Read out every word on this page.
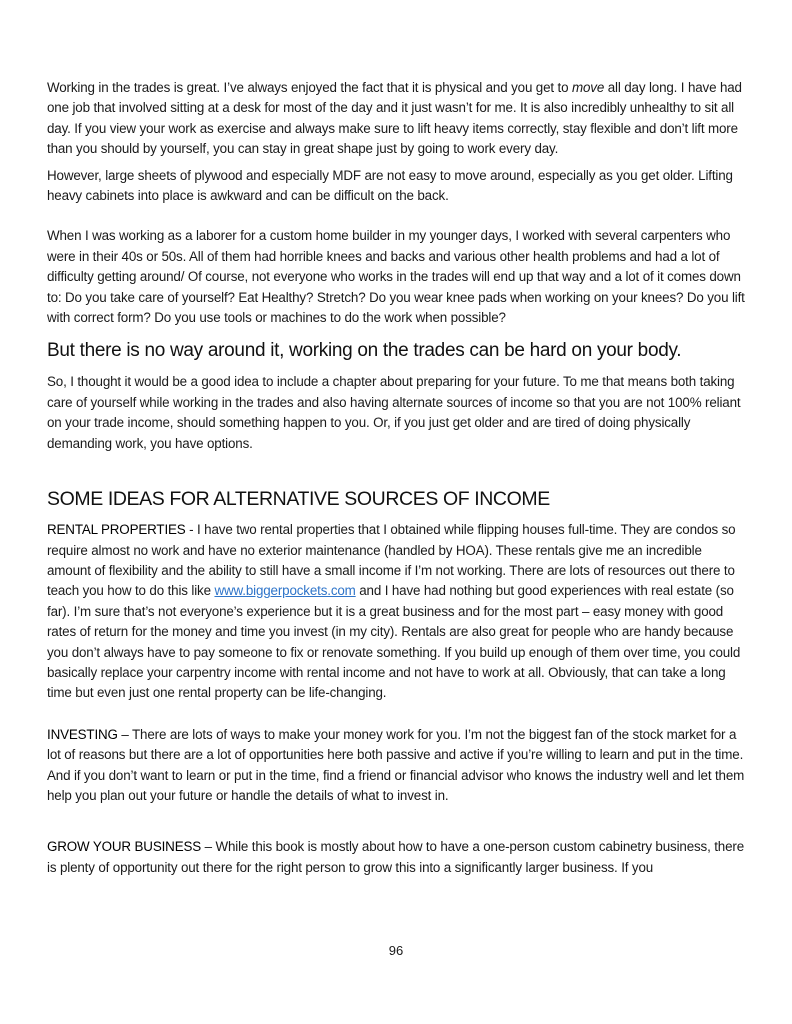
Working in the trades is great. I’ve always enjoyed the fact that it is physical and you get to move all day long. I have had one job that involved sitting at a desk for most of the day and it just wasn’t for me. It is also incredibly unhealthy to sit all day. If you view your work as exercise and always make sure to lift heavy items correctly, stay flexible and don’t lift more than you should by yourself, you can stay in great shape just by going to work every day.

However, large sheets of plywood and especially MDF are not easy to move around, especially as you get older. Lifting heavy cabinets into place is awkward and can be difficult on the back.

When I was working as a laborer for a custom home builder in my younger days, I worked with several carpenters who were in their 40s or 50s. All of them had horrible knees and backs and various other health problems and had a lot of difficulty getting around/ Of course, not everyone who works in the trades will end up that way and a lot of it comes down to: Do you take care of yourself? Eat Healthy? Stretch? Do you wear knee pads when working on your knees? Do you lift with correct form? Do you use tools or machines to do the work when possible?

But there is no way around it, working on the trades can be hard on your body.

So, I thought it would be a good idea to include a chapter about preparing for your future. To me that means both taking care of yourself while working in the trades and also having alternate sources of income so that you are not 100% reliant on your trade income, should something happen to you. Or, if you just get older and are tired of doing physically demanding work, you have options.

SOME IDEAS FOR ALTERNATIVE SOURCES OF INCOME

RENTAL PROPERTIES - I have two rental properties that I obtained while flipping houses full-time. They are condos so require almost no work and have no exterior maintenance (handled by HOA). These rentals give me an incredible amount of flexibility and the ability to still have a small income if I’m not working. There are lots of resources out there to teach you how to do this like www.biggerpockets.com and I have had nothing but good experiences with real estate (so far). I’m sure that’s not everyone’s experience but it is a great business and for the most part – easy money with good rates of return for the money and time you invest (in my city). Rentals are also great for people who are handy because you don’t always have to pay someone to fix or renovate something. If you build up enough of them over time, you could basically replace your carpentry income with rental income and not have to work at all. Obviously, that can take a long time but even just one rental property can be life-changing.

INVESTING – There are lots of ways to make your money work for you. I’m not the biggest fan of the stock market for a lot of reasons but there are a lot of opportunities here both passive and active if you’re willing to learn and put in the time. And if you don’t want to learn or put in the time, find a friend or financial advisor who knows the industry well and let them help you plan out your future or handle the details of what to invest in.

GROW YOUR BUSINESS – While this book is mostly about how to have a one-person custom cabinetry business, there is plenty of opportunity out there for the right person to grow this into a significantly larger business. If you

96
